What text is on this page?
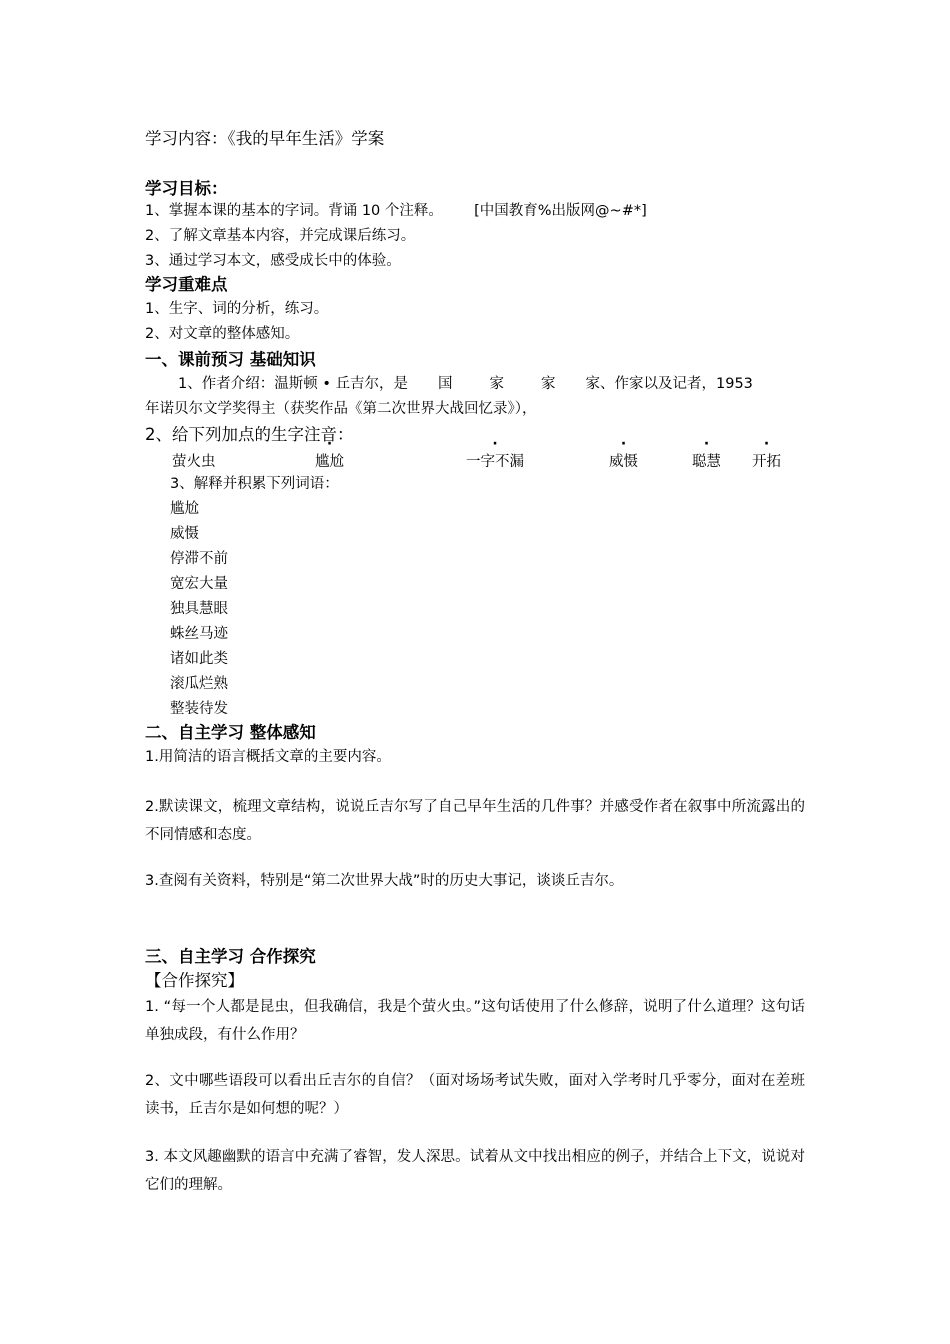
学习内容：《我的早年生活》学案
学习目标：
1、掌握本课的基本的字词。背诵 10 个注释。 [中国教育%出版网@~#*]
2、了解文章基本内容，并完成课后练习。
3、通过学习本文，感受成长中的体验。
学习重难点
1、生字、词的分析，练习。
2、对文章的整体感知。
一、课前预习 基础知识
1、作者介绍：温斯顿 • 丘吉尔，是 国	家	家 家、作家以及记者，1953
年诺贝尔文学奖得主（获奖作品《第二次世界大战回忆录》），
2、给下列加点的生字注音：
萤火虫	尴尬	一字不漏	威慑	聪慧 开拓
3、解释并积累下列词语：
尴尬
威慑
停滞不前
宽宏大量
独具慧眼
蛛丝马迹
诸如此类
滚瓜烂熟
整装待发
二、自主学习 整体感知
1.用简洁的语言概括文章的主要内容。
2.默读课文，梳理文章结构，说说丘吉尔写了自己早年生活的几件事？并感受作者在叙事中所流露出的不同情感和态度。
3.查阅有关资料，特别是“第二次世界大战”时的历史大事记，谈谈丘吉尔。
三、自主学习 合作探究
【合作探究】
1. “每一个人都是昆虫，但我确信，我是个萤火虫。”这句话使用了什么修辞，说明了什么道理？这句话单独成段，有什么作用？
2、文中哪些语段可以看出丘吉尔的自信？（面对场场考试失败，面对入学考时几乎零分，面对在差班读书，丘吉尔是如何想的呢？）
3. 本文风趣幽默的语言中充满了睿智，发人深思。试着从文中找出相应的例子，并结合上下文，说说对它们的理解。
